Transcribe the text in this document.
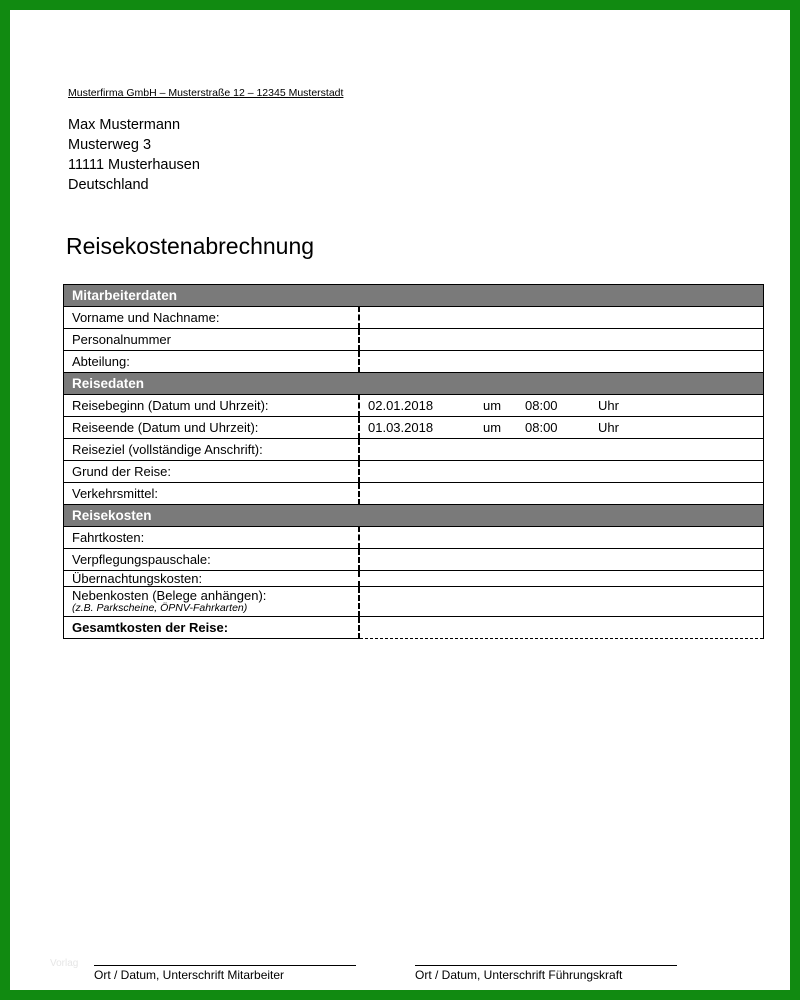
Musterfirma GmbH – Musterstraße 12 – 12345 Musterstadt
Max Mustermann
Musterweg 3
11111 Musterhausen
Deutschland
Reisekostenabrechnung
Mitarbeiterdaten	
Vorname und Nachname:	
Personalnummer	
Abteilung:	
Reisedaten	
Reisebeginn (Datum und Uhrzeit):	02.01.2018 um 08:00 Uhr
Reiseende (Datum und Uhrzeit):	01.03.2018 um 08:00 Uhr
Reiseziel (vollständige Anschrift):	
Grund der Reise:	
Verkehrsmittel:	
Reisekosten	
Fahrtkosten:	
Verpflegungspauschale:	
Übernachtungskosten:	

Nebenkosten (Belege anhängen):
(z.B. Parkscheine, ÖPNV-Fahrkarten)	

Gesamtkosten der Reise:	
Vorlag
Ort / Datum, Unterschrift Mitarbeiter	Ort / Datum, Unterschrift Führungskraft
